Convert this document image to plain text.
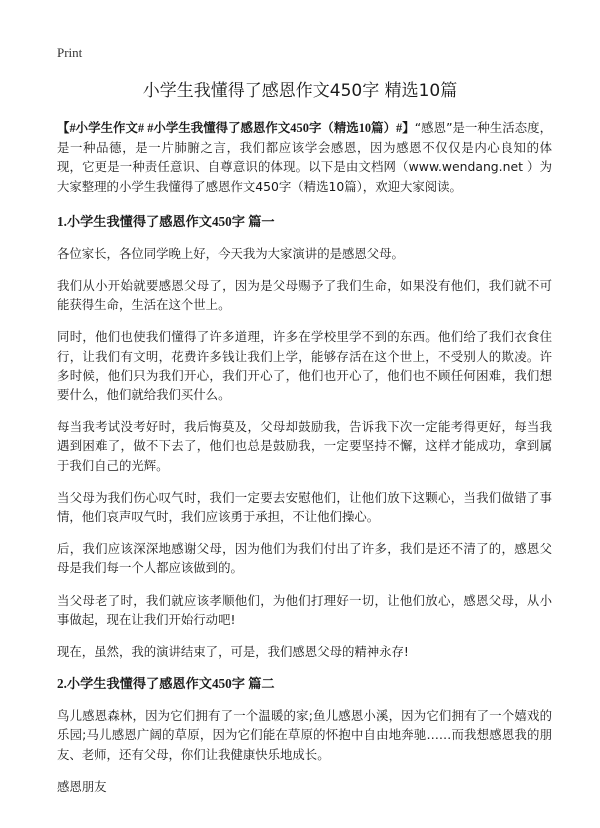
Print
小学生我懂得了感恩作文450字 精选10篇

【#小学生作文# #小学生我懂得了感恩作文450字（精选10篇）#】“感恩”是一种生活态度，是一种品德，是一片肺腑之言，我们都应该学会感恩，因为感恩不仅仅是内心良知的体现，它更是一种责任意识、自尊意识的体现。以下是由文档网（www.wendang.net ）为大家整理的小学生我懂得了感恩作文450字（精选10篇），欢迎大家阅读。

1.小学生我懂得了感恩作文450字 篇一

各位家长，各位同学晚上好，今天我为大家演讲的是感恩父母。

我们从小开始就要感恩父母了，因为是父母赐予了我们生命，如果没有他们，我们就不可能获得生命，生活在这个世上。

同时，他们也使我们懂得了许多道理，许多在学校里学不到的东西。他们给了我们衣食住行，让我们有文明，花费许多钱让我们上学，能够存活在这个世上，不受别人的欺凌。许多时候，他们只为我们开心，我们开心了，他们也开心了，他们也不顾任何困难，我们想要什么，他们就给我们买什么。

每当我考试没考好时，我后悔莫及，父母却鼓励我，告诉我下次一定能考得更好，每当我遇到困难了，做不下去了，他们也总是鼓励我，一定要坚持不懈，这样才能成功，拿到属于我们自己的光辉。

当父母为我们伤心叹气时，我们一定要去安慰他们，让他们放下这颗心，当我们做错了事情，他们哀声叹气时，我们应该勇于承担，不让他们操心。

后，我们应该深深地感谢父母，因为他们为我们付出了许多，我们是还不清了的，感恩父母是我们每一个人都应该做到的。

当父母老了时，我们就应该孝顺他们，为他们打理好一切，让他们放心，感恩父母，从小事做起，现在让我们开始行动吧!

现在，虽然，我的演讲结束了，可是，我们感恩父母的精神永存!

2.小学生我懂得了感恩作文450字 篇二

鸟儿感恩森林，因为它们拥有了一个温暖的家;鱼儿感恩小溪，因为它们拥有了一个嬉戏的乐园;马儿感恩广阔的草原，因为它们能在草原的怀抱中自由地奔驰……而我想感恩我的朋友、老师，还有父母，你们让我健康快乐地成长。

感恩朋友
